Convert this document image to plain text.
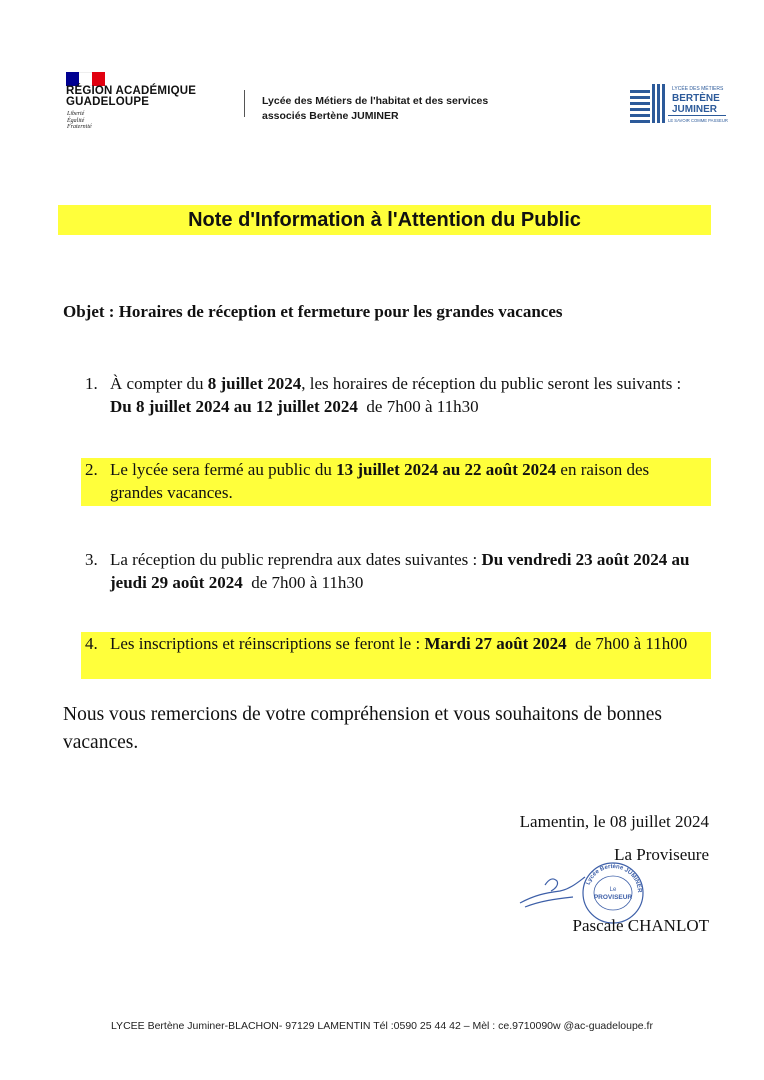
RÉGION ACADÉMIQUE
GUADELOUPE
Liberté
Égalité
Fraternité
Lycée des Métiers de l'habitat et des services
associés Bertène JUMINER
LYCÉE DES MÉTIERS
BERTÈNE
JUMINER
LE SAVOIR COMME PASSEUR
Note d'Information à l'Attention du Public
Objet : Horaires de réception et fermeture pour les grandes vacances
1. À compter du 8 juillet 2024, les horaires de réception du public seront les suivants : Du 8 juillet 2024 au 12 juillet 2024  de 7h00 à 11h30
2. Le lycée sera fermé au public du 13 juillet 2024 au 22 août 2024 en raison des grandes vacances.
3. La réception du public reprendra aux dates suivantes : Du vendredi 23 août 2024 au jeudi 29 août 2024  de 7h00 à 11h30
4. Les inscriptions et réinscriptions se feront le : Mardi 27 août 2024  de 7h00 à 11h00
Nous vous remercions de votre compréhension et vous souhaitons de bonnes vacances.
Lamentin, le 08 juillet 2024
Lycée Bertène JUMINER
Le
PROVISEUR
La Proviseure
Pascale CHANLOT
LYCEE Bertène Juminer-BLACHON- 97129 LAMENTIN Tél :0590 25 44 42 – Mèl : ce.9710090w @ac-guadeloupe.fr
